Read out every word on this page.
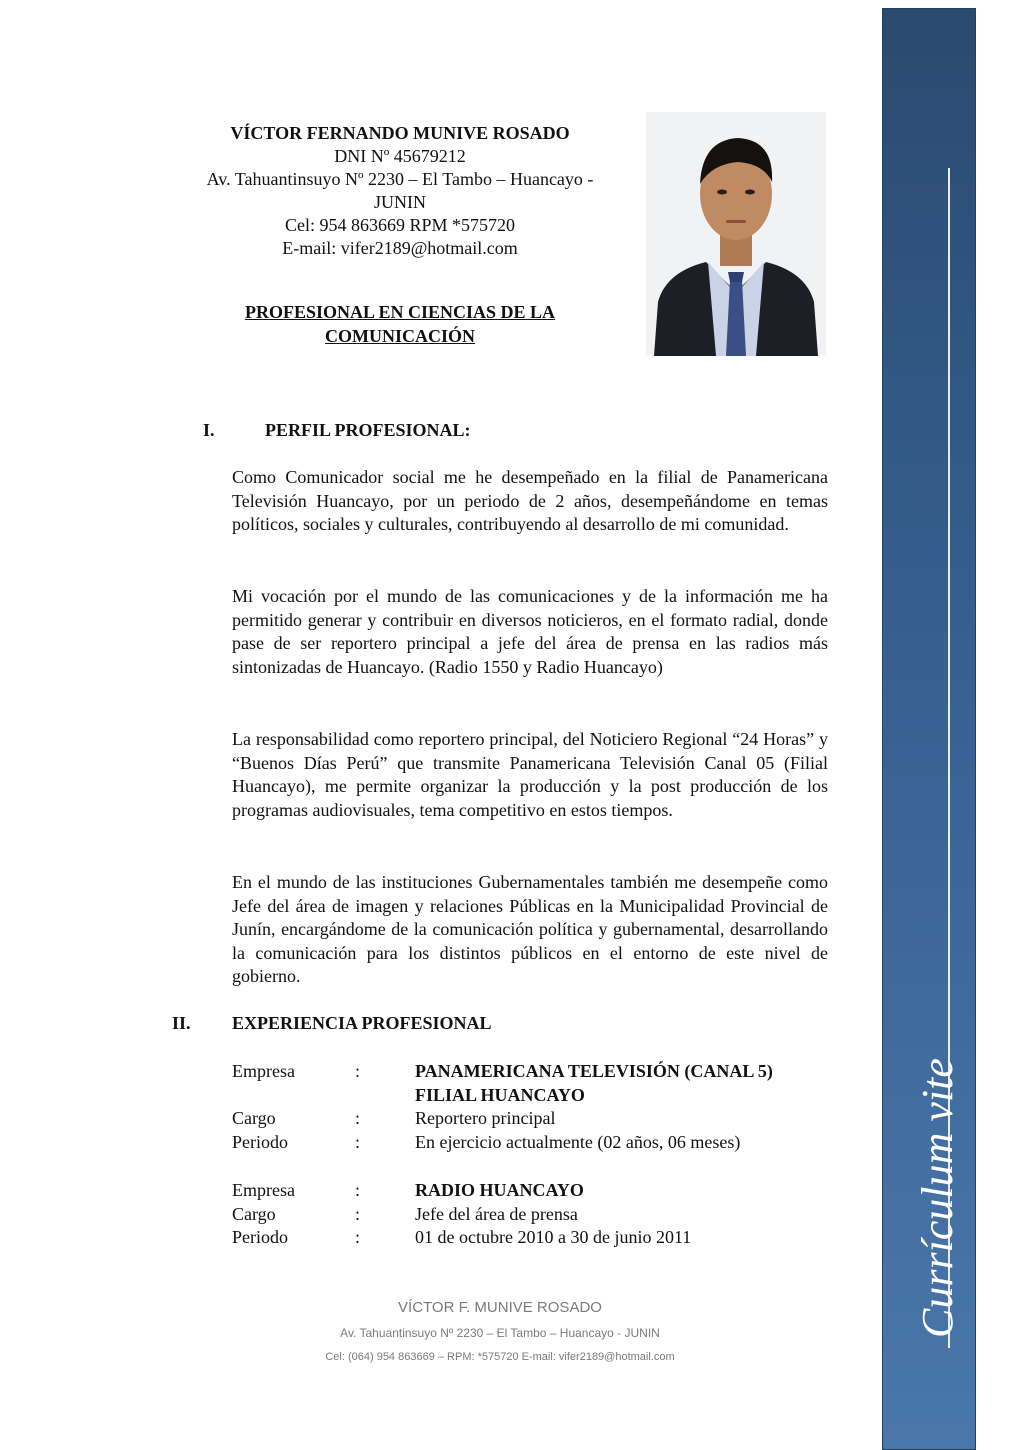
VÍCTOR FERNANDO MUNIVE ROSADO
DNI Nº 45679212
Av. Tahuantinsuyo Nº 2230 – El Tambo – Huancayo -
JUNIN
Cel: 954 863669 RPM *575720
E-mail: vifer2189@hotmail.com
PROFESIONAL EN CIENCIAS DE LA
COMUNICACIÓN
I.	PERFIL PROFESIONAL:
Como Comunicador social me he desempeñado en la filial de Panamericana Televisión Huancayo, por un periodo de 2 años, desempeñándome en temas políticos, sociales y culturales, contribuyendo al desarrollo de mi comunidad.
Mi vocación por el mundo de las comunicaciones y de la información me ha permitido generar y contribuir en diversos noticieros, en el formato radial, donde pase de ser reportero principal a jefe del área de prensa en las radios más sintonizadas de Huancayo. (Radio 1550 y Radio Huancayo)
La responsabilidad como reportero principal, del Noticiero Regional “24 Horas” y “Buenos Días Perú” que transmite Panamericana Televisión Canal 05 (Filial Huancayo), me permite organizar la producción y la post producción de los programas audiovisuales, tema competitivo en estos tiempos.
En el mundo de las instituciones Gubernamentales también me desempeñe como Jefe del área de imagen y relaciones Públicas en la Municipalidad Provincial de Junín, encargándome de la comunicación política y gubernamental, desarrollando la comunicación para los distintos públicos en el entorno de este nivel de gobierno.
II. EXPERIENCIA PROFESIONAL
Empresa	:	PANAMERICANA TELEVISIÓN (CANAL 5)
FILIAL HUANCAYO
Cargo	:	Reportero principal
Periodo	:	En ejercicio actualmente (02 años, 06 meses)
Empresa	:	RADIO HUANCAYO
Cargo	:	Jefe del área de prensa
Periodo	:	01 de octubre 2010 a 30 de junio 2011
VÍCTOR F. MUNIVE ROSADO
Av. Tahuantinsuyo Nº 2230 – El Tambo – Huancayo - JUNIN
Cel: (064) 954 863669 – RPM: *575720 E-mail: vifer2189@hotmail.com
Currículum vite
